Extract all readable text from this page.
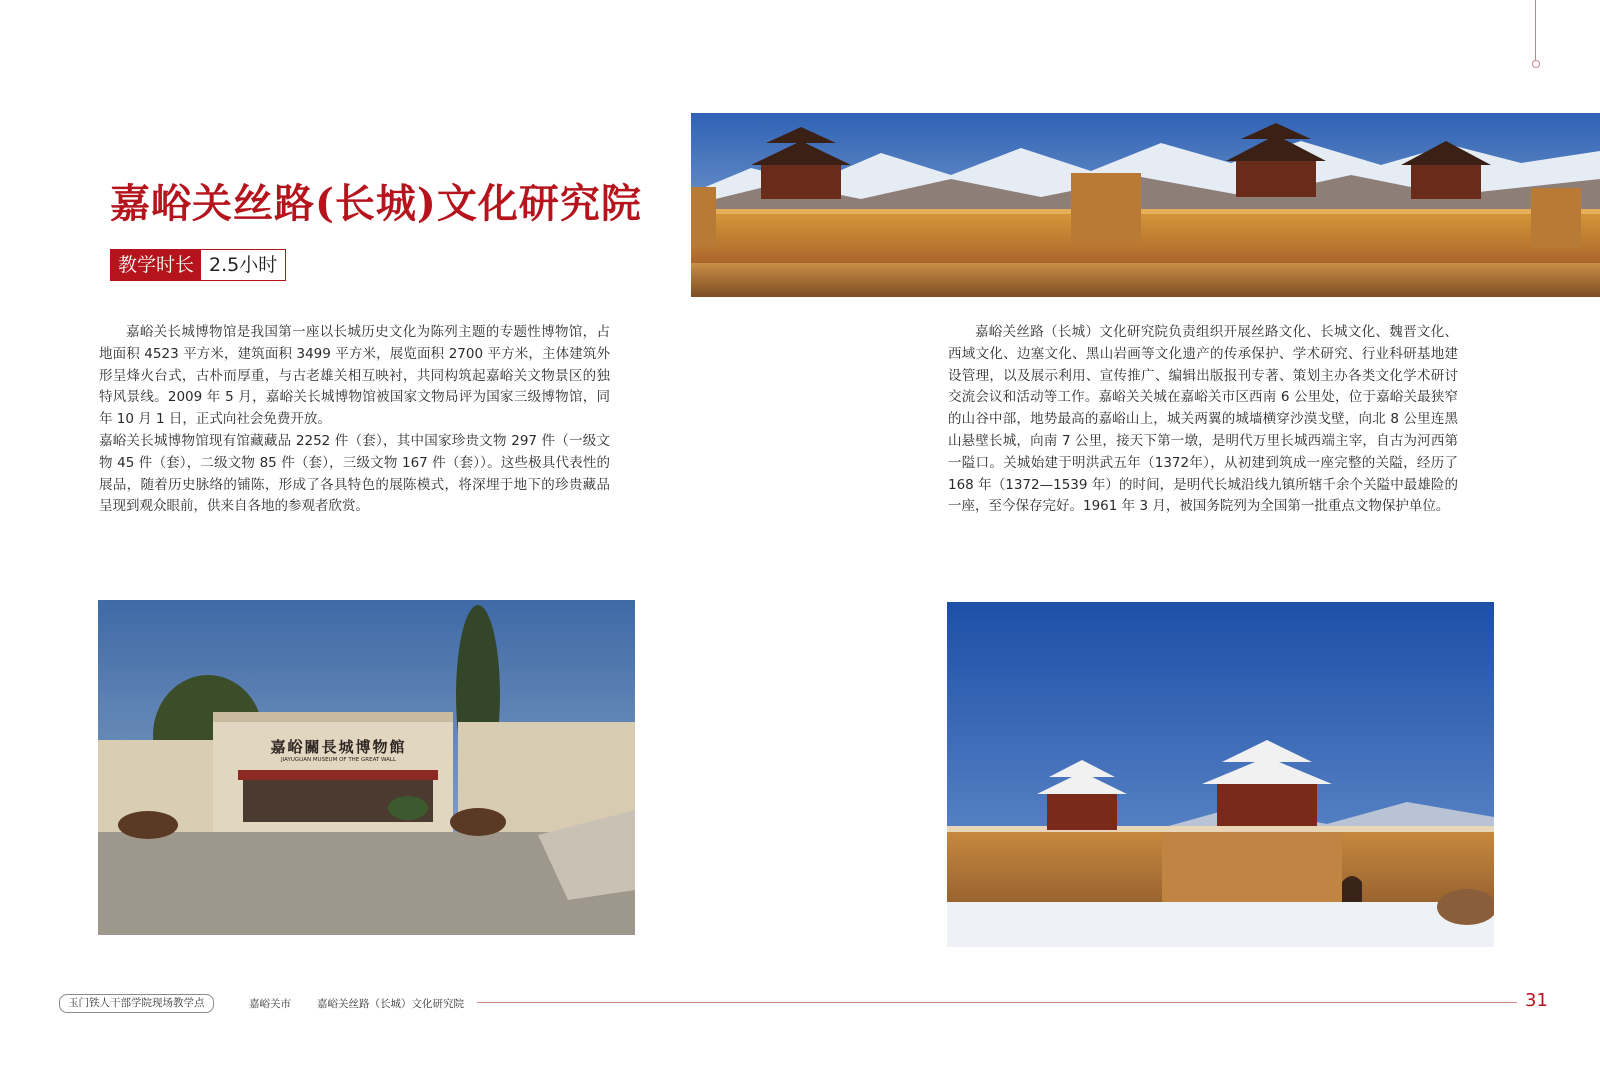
嘉峪关丝路(长城)文化研究院
教学时长 2.5小时

嘉峪关长城博物馆是我国第一座以长城历史文化为陈列主题的专题性博物馆，占地面积 4523 平方米，建筑面积 3499 平方米，展览面积 2700 平方米，主体建筑外形呈烽火台式，古朴而厚重，与古老雄关相互映衬，共同构筑起嘉峪关文物景区的独特风景线。2009 年 5 月，嘉峪关长城博物馆被国家文物局评为国家三级博物馆，同年 10 月 1 日，正式向社会免费开放。

嘉峪关长城博物馆现有馆藏藏品 2252 件（套），其中国家珍贵文物 297 件（一级文物 45 件（套），二级文物 85 件（套），三级文物 167 件（套））。这些极具代表性的展品，随着历史脉络的铺陈，形成了各具特色的展陈模式，将深埋于地下的珍贵藏品呈现到观众眼前，供来自各地的参观者欣赏。

嘉峪关丝路（长城）文化研究院负责组织开展丝路文化、长城文化、魏晋文化、西域文化、边塞文化、黑山岩画等文化遗产的传承保护、学术研究、行业科研基地建设管理，以及展示利用、宣传推广、编辑出版报刊专著、策划主办各类文化学术研讨交流会议和活动等工作。嘉峪关关城在嘉峪关市区西南 6 公里处，位于嘉峪关最狭窄的山谷中部，地势最高的嘉峪山上，城关两翼的城墙横穿沙漠戈壁，向北 8 公里连黑山悬壁长城，向南 7 公里，接天下第一墩，是明代万里长城西端主宰，自古为河西第一隘口。关城始建于明洪武五年（1372年），从初建到筑成一座完整的关隘，经历了 168 年（1372—1539 年）的时间，是明代长城沿线九镇所辖千余个关隘中最雄险的一座，至今保存完好。1961 年 3 月，被国务院列为全国第一批重点文物保护单位。

嘉峪關長城博物館
JIAYUGUAN MUSEUM OF THE GREAT WALL
玉门铁人干部学院现场教学点	嘉峪关市 嘉峪关丝路（长城）文化研究院	31
